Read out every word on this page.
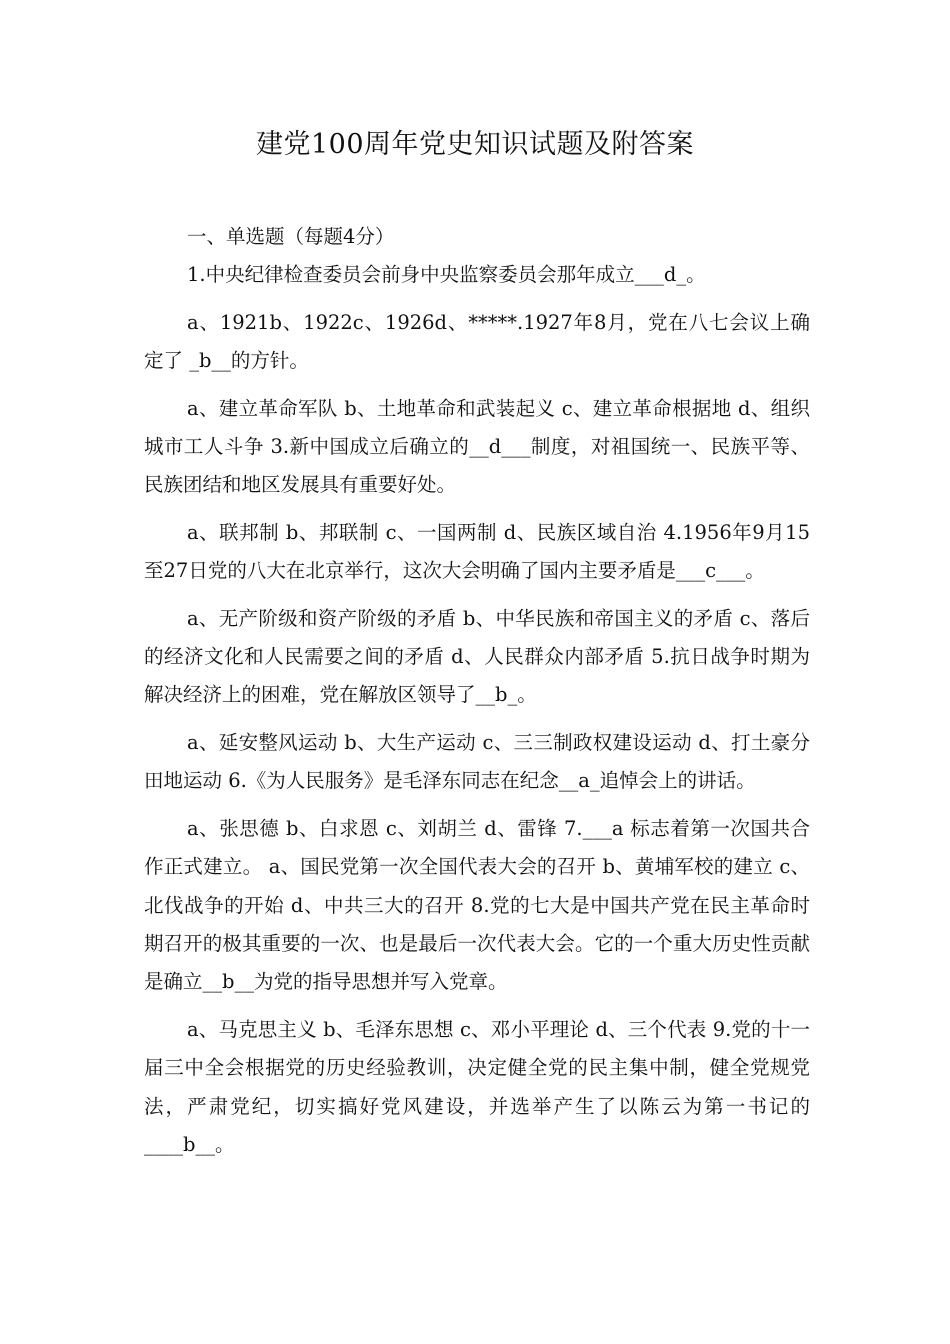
建党100周年党史知识试题及附答案

一、单选题（每题4分）

1.中央纪律检查委员会前身中央监察委员会那年成立___d_。

a、1921b、1922c、1926d、*****.1927年8月，党在八七会议上确定了 _b__的方针。

a、建立革命军队 b、土地革命和武装起义 c、建立革命根据地 d、组织城市工人斗争 3.新中国成立后确立的__d___制度，对祖国统一、民族平等、民族团结和地区发展具有重要好处。

a、联邦制 b、邦联制 c、一国两制 d、民族区域自治 4.1956年9月15至27日党的八大在北京举行，这次大会明确了国内主要矛盾是___c___。

a、无产阶级和资产阶级的矛盾 b、中华民族和帝国主义的矛盾 c、落后的经济文化和人民需要之间的矛盾 d、人民群众内部矛盾 5.抗日战争时期为解决经济上的困难，党在解放区领导了__b_。

a、延安整风运动 b、大生产运动 c、三三制政权建设运动 d、打土豪分田地运动 6.《为人民服务》是毛泽东同志在纪念__a_追悼会上的讲话。

a、张思德 b、白求恩 c、刘胡兰 d、雷锋 7.___a 标志着第一次国共合作正式建立。 a、国民党第一次全国代表大会的召开 b、黄埔军校的建立 c、北伐战争的开始 d、中共三大的召开 8.党的七大是中国共产党在民主革命时期召开的极其重要的一次、也是最后一次代表大会。它的一个重大历史性贡献是确立__b__为党的指导思想并写入党章。

a、马克思主义 b、毛泽东思想 c、邓小平理论 d、三个代表 9.党的十一届三中全会根据党的历史经验教训，决定健全党的民主集中制，健全党规党法，严肃党纪，切实搞好党风建设，并选举产生了以陈云为第一书记的____b__。
